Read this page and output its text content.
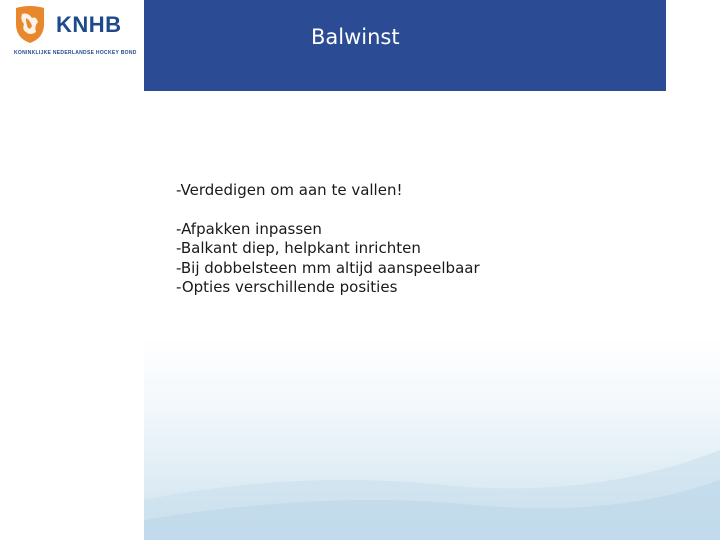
KNHB
KONINKLIJKE NEDERLANDSE HOCKEY BOND
Balwinst
-Verdedigen om aan te vallen!
-Afpakken inpassen
-Balkant diep, helpkant inrichten
-Bij dobbelsteen mm altijd aanspeelbaar
-Opties verschillende posities
